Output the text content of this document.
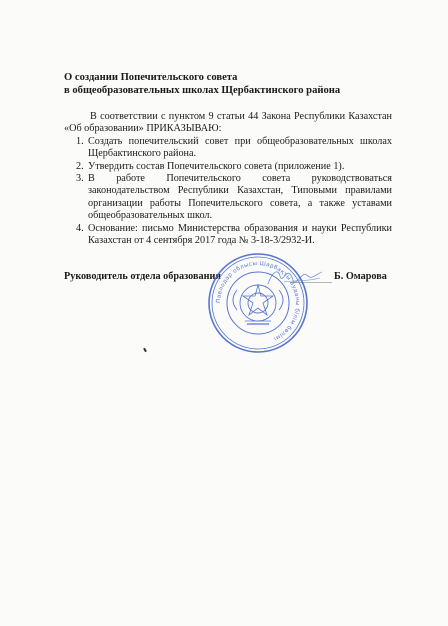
О создании Попечительского совета
в общеобразовательных школах Щербактинского района

В соответствии с пунктом 9 статьи 44 Закона Республики Казахстан «Об образовании» ПРИКАЗЫВАЮ:

1. Создать попечительский совет при общеобразовательных школах Щербактинского района.
2. Утвердить состав Попечительского совета (приложение 1).
3. В работе Попечительского совета руководствоваться законодательством Республики Казахстан, Типовыми правилами организации работы Попечительского совета, а также уставами общеобразовательных школ.
4. Основание: письмо Министерства образования и науки Республики Казахстан от 4 сентября 2017 года № 3-18-3/2932-И.
Руководитель отдела образования	Б. Омарова
Павлодар облысы Шарбақты ауданы білім бөлімі
